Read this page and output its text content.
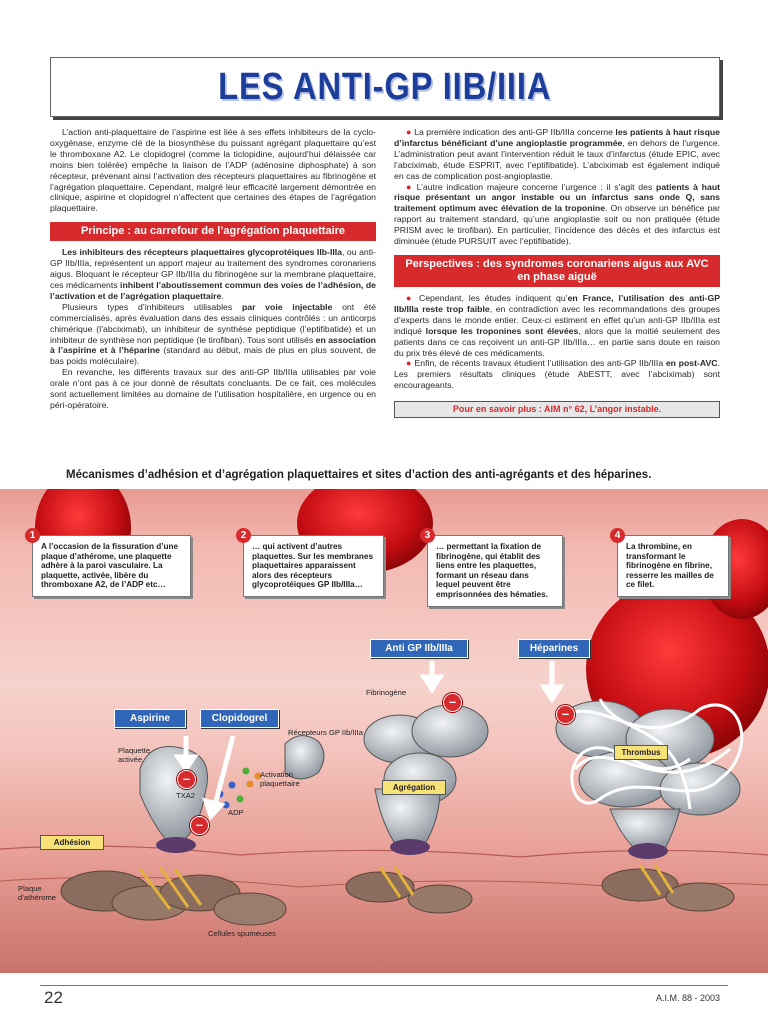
LES ANTI-GP IIB/IIIA

L’action anti-plaquettaire de l’aspirine est liée à ses effets inhibiteurs de la cyclo-oxygénase, enzyme clé de la biosynthèse du puissant agrégant plaquettaire qu’est le thromboxane A2. Le clopidogrel (comme la ticlopidine, aujourd’hui délaissée car moins bien tolérée) empêche la liaison de l’ADP (adénosine diphosphate) à son récepteur, prévenant ainsi l’activation des récepteurs plaquettaires au fibrinogène et l’agrégation plaquettaire. Cependant, malgré leur efficacité largement démontrée en clinique, aspirine et clopidogrel n’affectent que certaines des étapes de l’agrégation plaquettaire.

Principe : au carrefour de l’agrégation plaquettaire

Les inhibiteurs des récepteurs plaquettaires glycoprotéiques IIb-IIIa, ou anti-GP IIb/IIIa, représentent un apport majeur au traitement des syndromes coronariens aigus. Bloquant le récepteur GP IIb/IIIa du fibrinogène sur la membrane plaquettaire, ces médicaments inhibent l’aboutissement commun des voies de l’adhésion, de l’activation et de l’agrégation plaquettaire.

Plusieurs types d’inhibiteurs utilisables par voie injectable ont été commercialisés, après évaluation dans des essais cliniques contrôlés : un anticorps chimérique (l’abciximab), un inhibiteur de synthèse peptidique (l’eptifibatide) et un inhibiteur de synthèse non peptidique (le tirofiban). Tous sont utilisés en association à l’aspirine et à l’héparine (standard au début, mais de plus en plus souvent, de bas poids moléculaire).

En revanche, les différents travaux sur des anti-GP IIb/IIIa utilisables par voie orale n’ont pas à ce jour donné de résultats concluants. De ce fait, ces molécules sont actuellement limitées au domaine de l’utilisation hospitalière, en urgence ou en péri-opératoire.

● La première indication des anti-GP IIb/IIIa concerne les patients à haut risque d’infarctus bénéficiant d’une angioplastie programmée, en dehors de l’urgence. L’administration peut avant l’intervention réduit le taux d’infarctus (étude EPIC, avec l’abciximab, étude ESPRIT, avec l’eptifibatide). L’abciximab est également indiqué en cas de complication post-angioplastie.

● L’autre indication majeure concerne l’urgence : il s’agit des patients à haut risque présentant un angor instable ou un infarctus sans onde Q, sans traitement optimum avec élévation de la troponine. On observe un bénéfice par rapport au traitement standard, qu’une angioplastie soit ou non pratiquée (étude PRISM avec le tirofiban). En particulier, l’incidence des décès et des infarctus est diminuée (étude PURSUIT avec l’eptifibatide).

Perspectives : des syndromes coronariens aigus aux AVC en phase aiguë

● Cependant, les études indiquent qu’en France, l’utilisation des anti-GP IIb/IIIa reste trop faible, en contradiction avec les recommandations des groupes d’experts dans le monde entier. Ceux-ci estiment en effet qu’un anti-GP IIb/IIIa est indiqué lorsque les troponines sont élevées, alors que la moitié seulement des patients dans ce cas reçoivent un anti-GP IIb/IIIa… en partie sans doute en raison du prix très élevé de ces médicaments.

● Enfin, de récents travaux étudient l’utilisation des anti-GP IIb/IIIa en post-AVC. Les premiers résultats cliniques (étude AbESTT, avec l’abciximab) sont encourageants.

Pour en savoir plus : AIM n° 62, L’angor instable.
Mécanismes d’adhésion et d’agrégation plaquettaires et sites d’action des anti-agrégants et des héparines.
1
A l’occasion de la fissuration d’une plaque d’athérome, une plaquette adhère à la paroi vasculaire. La plaquette, activée, libère du thromboxane A2, de l’ADP etc…
2
… qui activent d’autres plaquettes. Sur les membranes plaquettaires apparaissent alors des récepteurs glycoprotéiques GP IIb/IIIa…
3
… permettant la fixation de fibrinogène, qui établit des liens entre les plaquettes, formant un réseau dans lequel peuvent être emprisonnées des hématies.
4
La thrombine, en transformant le fibrinogène en fibrine, resserre les mailles de ce filet.
Aspirine	Clopidogrel
Anti GP IIb/IIIa	Héparines
–
–
–
–
Plaquette activée
TXA2
ADP
Activation plaquettaire
Récepteurs GP IIb/IIIa
Fibrinogène
Plaque d’athérome
Cellules spumeuses
Adhésion
Agrégation
Thrombus
22	A.I.M. 88 - 2003
